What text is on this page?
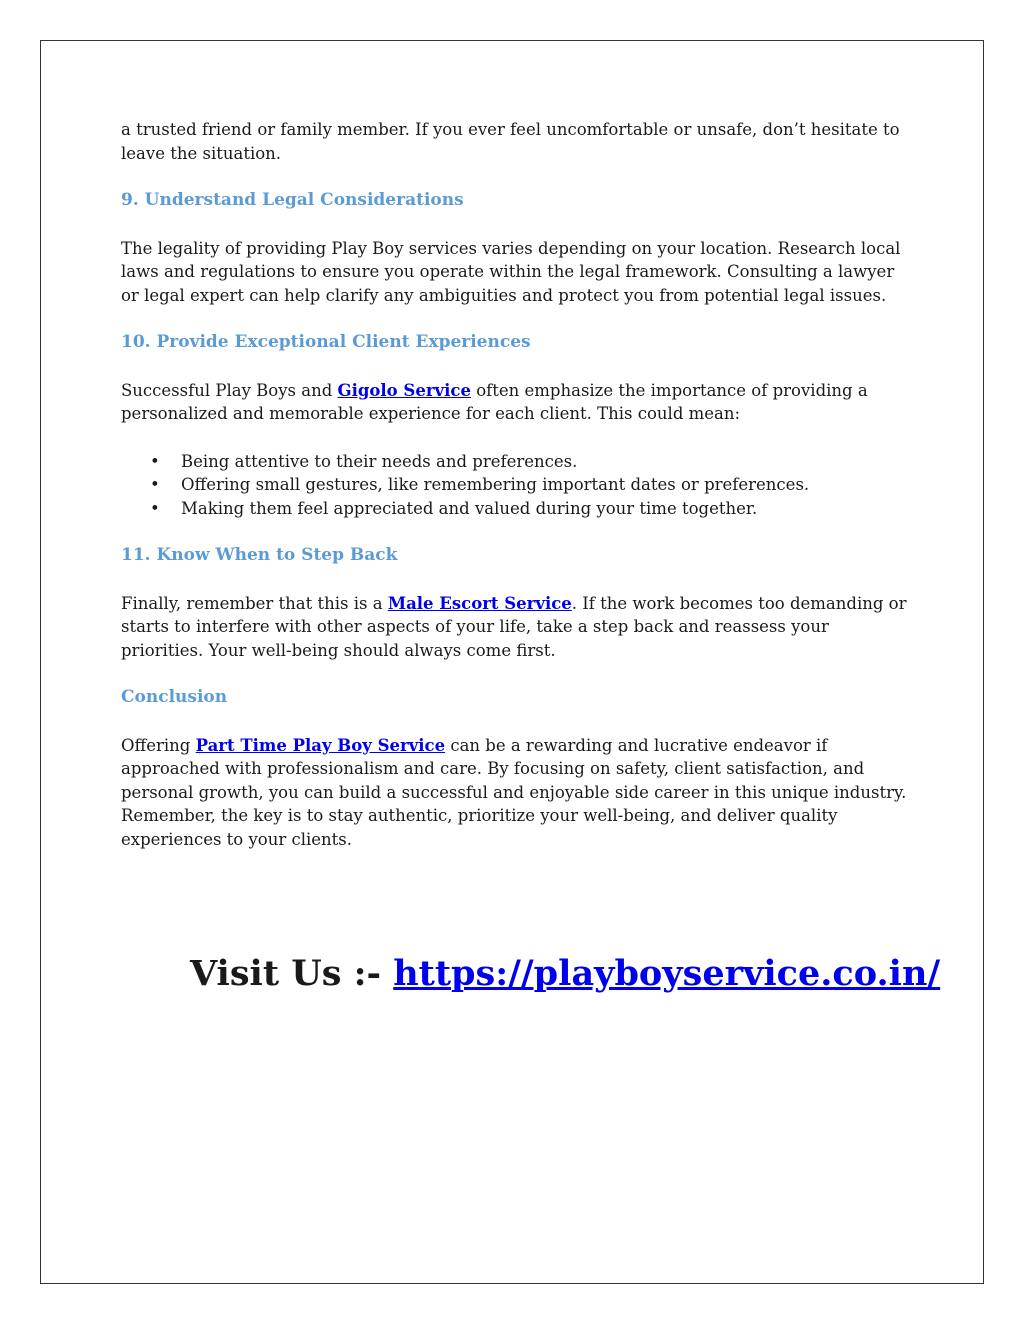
a trusted friend or family member. If you ever feel uncomfortable or unsafe, don’t hesitate to leave the situation.

9. Understand Legal Considerations

The legality of providing Play Boy services varies depending on your location. Research local laws and regulations to ensure you operate within the legal framework. Consulting a lawyer or legal expert can help clarify any ambiguities and protect you from potential legal issues.

10. Provide Exceptional Client Experiences

Successful Play Boys and Gigolo Service often emphasize the importance of providing a personalized and memorable experience for each client. This could mean:

• Being attentive to their needs and preferences.
• Offering small gestures, like remembering important dates or preferences.
• Making them feel appreciated and valued during your time together.
11. Know When to Step Back

Finally, remember that this is a Male Escort Service. If the work becomes too demanding or starts to interfere with other aspects of your life, take a step back and reassess your priorities. Your well-being should always come first.

Conclusion

Offering Part Time Play Boy Service can be a rewarding and lucrative endeavor if approached with professionalism and care. By focusing on safety, client satisfaction, and personal growth, you can build a successful and enjoyable side career in this unique industry. Remember, the key is to stay authentic, prioritize your well-being, and deliver quality experiences to your clients.

Visit Us :- https://playboyservice.co.in/
